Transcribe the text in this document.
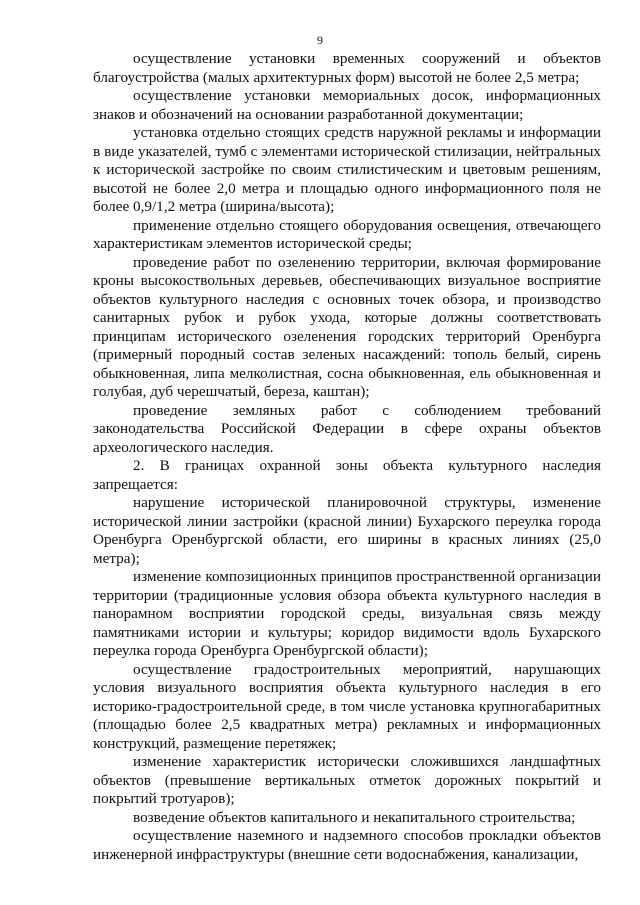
9

осуществление установки временных сооружений и объектов благоустройства (малых архитектурных форм) высотой не более 2,5 метра;

осуществление установки мемориальных досок, информационных знаков и обозначений на основании разработанной документации;

установка отдельно стоящих средств наружной рекламы и информации в виде указателей, тумб с элементами исторической стилизации, нейтральных к исторической застройке по своим стилистическим и цветовым решениям, высотой не более 2,0 метра и площадью одного информационного поля не более 0,9/1,2 метра (ширина/высота);

применение отдельно стоящего оборудования освещения, отвечающего характеристикам элементов исторической среды;

проведение работ по озеленению территории, включая формирование кроны высокоствольных деревьев, обеспечивающих визуальное восприятие объектов культурного наследия с основных точек обзора, и производство санитарных рубок и рубок ухода, которые должны соответствовать принципам исторического озеленения городских территорий Оренбурга (примерный породный состав зеленых насаждений: тополь белый, сирень обыкновенная, липа мелколистная, сосна обыкновенная, ель обыкновенная и голубая, дуб черешчатый, береза, каштан);

проведение земляных работ с соблюдением требований законодательства Российской Федерации в сфере охраны объектов археологического наследия.

2. В границах охранной зоны объекта культурного наследия запрещается:

нарушение исторической планировочной структуры, изменение исторической линии застройки (красной линии) Бухарского переулка города Оренбурга Оренбургской области, его ширины в красных линиях (25,0 метра);

изменение композиционных принципов пространственной организации территории (традиционные условия обзора объекта культурного наследия в панорамном восприятии городской среды, визуальная связь между памятниками истории и культуры; коридор видимости вдоль Бухарского переулка города Оренбурга Оренбургской области);

осуществление градостроительных мероприятий, нарушающих условия визуального восприятия объекта культурного наследия в его историко-градостроительной среде, в том числе установка крупногабаритных (площадью более 2,5 квадратных метра) рекламных и информационных конструкций, размещение перетяжек;

изменение характеристик исторически сложившихся ландшафтных объектов (превышение вертикальных отметок дорожных покрытий и покрытий тротуаров);

возведение объектов капитального и некапитального строительства;

осуществление наземного и надземного способов прокладки объектов инженерной инфраструктуры (внешние сети водоснабжения, канализации,
